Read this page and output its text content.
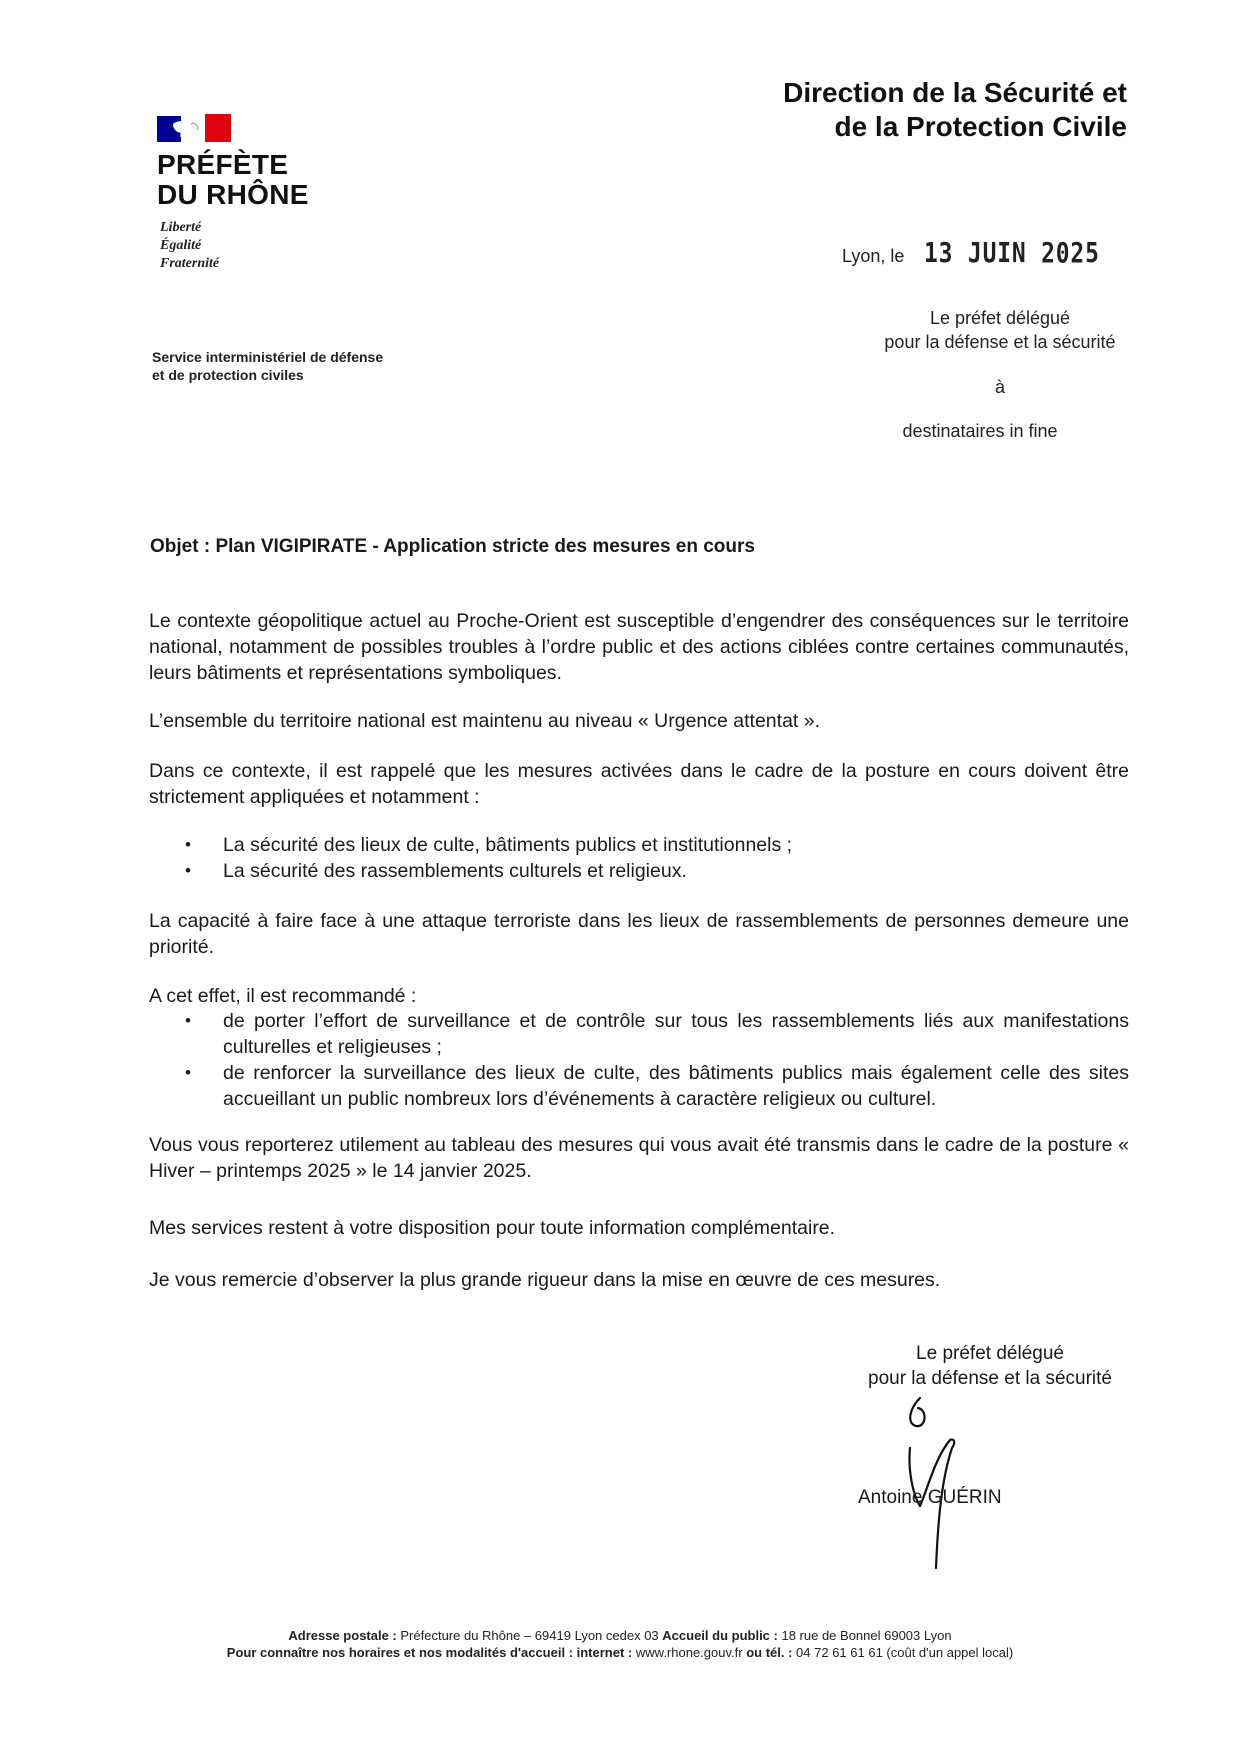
PRÉFÈTE
DU RHÔNE
Liberté
Égalité
Fraternité
Service interministériel de défense
et de protection civiles
Direction de la Sécurité et
de la Protection Civile
Lyon, le 13 JUIN 2025
Le préfet délégué
pour la défense et la sécurité
à
destinataires in fine
Objet : Plan VIGIPIRATE - Application stricte des mesures en cours
Le contexte géopolitique actuel au Proche-Orient est susceptible d’engendrer des conséquences sur le territoire national, notamment de possibles troubles à l’ordre public et des actions ciblées contre certaines communautés, leurs bâtiments et représentations symboliques.
L’ensemble du territoire national est maintenu au niveau « Urgence attentat ».
Dans ce contexte, il est rappelé que les mesures activées dans le cadre de la posture en cours doivent être strictement appliquées et notamment :
• La sécurité des lieux de culte, bâtiments publics et institutionnels ;
• La sécurité des rassemblements culturels et religieux.
La capacité à faire face à une attaque terroriste dans les lieux de rassemblements de personnes demeure une priorité.
A cet effet, il est recommandé :
• de porter l’effort de surveillance et de contrôle sur tous les rassemblements liés aux manifestations culturelles et religieuses ;
• de renforcer la surveillance des lieux de culte, des bâtiments publics mais également celle des sites accueillant un public nombreux lors d’événements à caractère religieux ou culturel.
Vous vous reporterez utilement au tableau des mesures qui vous avait été transmis dans le cadre de la posture « Hiver – printemps 2025 » le 14 janvier 2025.
Mes services restent à votre disposition pour toute information complémentaire.
Je vous remercie d’observer la plus grande rigueur dans la mise en œuvre de ces mesures.
Le préfet délégué
pour la défense et la sécurité
Antoine GUÉRIN
Adresse postale : Préfecture du Rhône – 69419 Lyon cedex 03 Accueil du public : 18 rue de Bonnel 69003 Lyon
Pour connaître nos horaires et nos modalités d'accueil : internet : www.rhone.gouv.fr ou tél. : 04 72 61 61 61 (coût d'un appel local)
